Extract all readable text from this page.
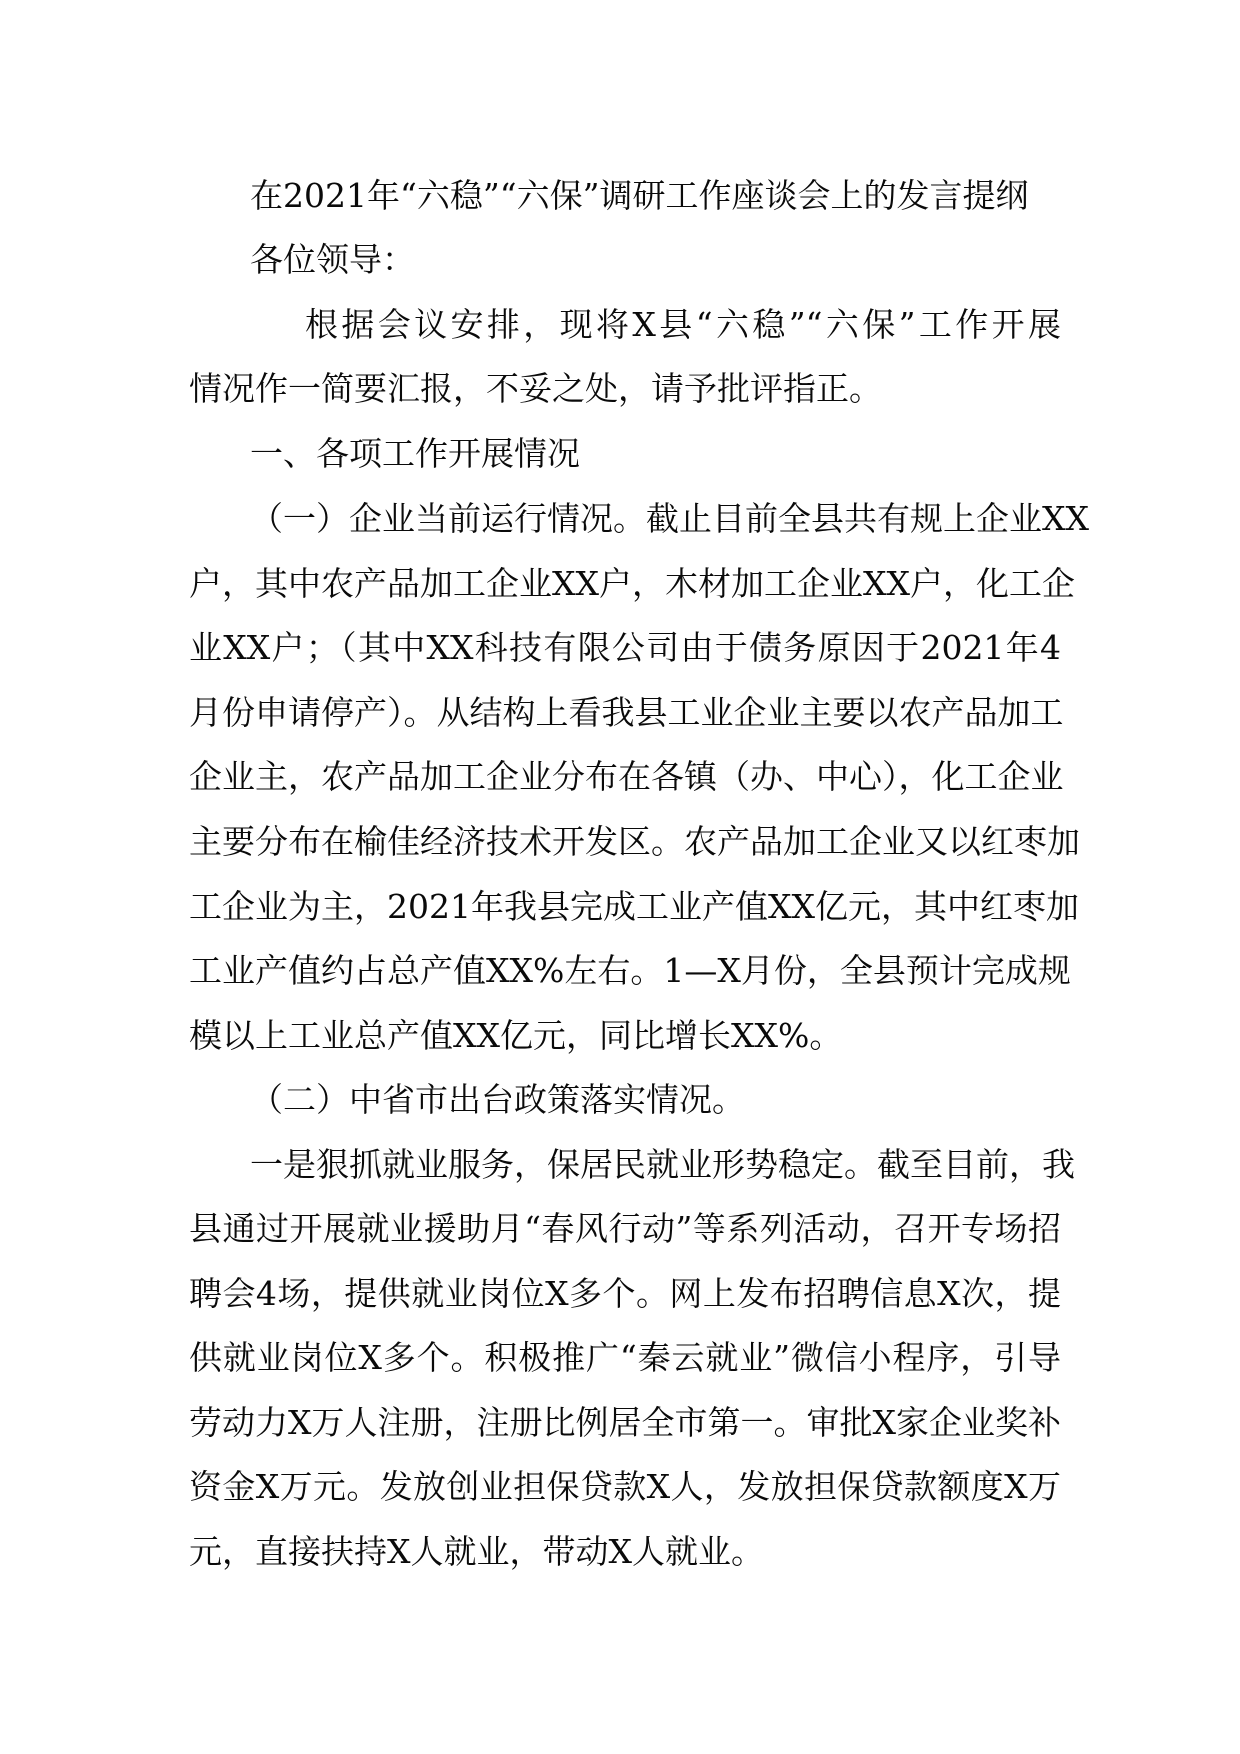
在2021年“六稳”“六保”调研工作座谈会上的发言提纲

各位领导：

根据会议安排，现将X县“六稳”“六保”工作开展

情况作一简要汇报，不妥之处，请予批评指正。

一、各项工作开展情况

（一）企业当前运行情况。截止目前全县共有规上企业XX

户，其中农产品加工企业XX户，木材加工企业XX户，化工企

业XX户；（其中XX科技有限公司由于债务原因于2021年4

月份申请停产）。从结构上看我县工业企业主要以农产品加工

企业主，农产品加工企业分布在各镇（办、中心），化工企业

主要分布在榆佳经济技术开发区。农产品加工企业又以红枣加

工企业为主，2021年我县完成工业产值XX亿元，其中红枣加

工业产值约占总产值XX%左右。1—X月份，全县预计完成规

模以上工业总产值XX亿元，同比增长XX%。

（二）中省市出台政策落实情况。

一是狠抓就业服务，保居民就业形势稳定。截至目前，我

县通过开展就业援助月“春风行动”等系列活动，召开专场招

聘会4场，提供就业岗位X多个。网上发布招聘信息X次，提

供就业岗位X多个。积极推广“秦云就业”微信小程序，引导

劳动力X万人注册，注册比例居全市第一。审批X家企业奖补

资金X万元。发放创业担保贷款X人，发放担保贷款额度X万

元，直接扶持X人就业，带动X人就业。
